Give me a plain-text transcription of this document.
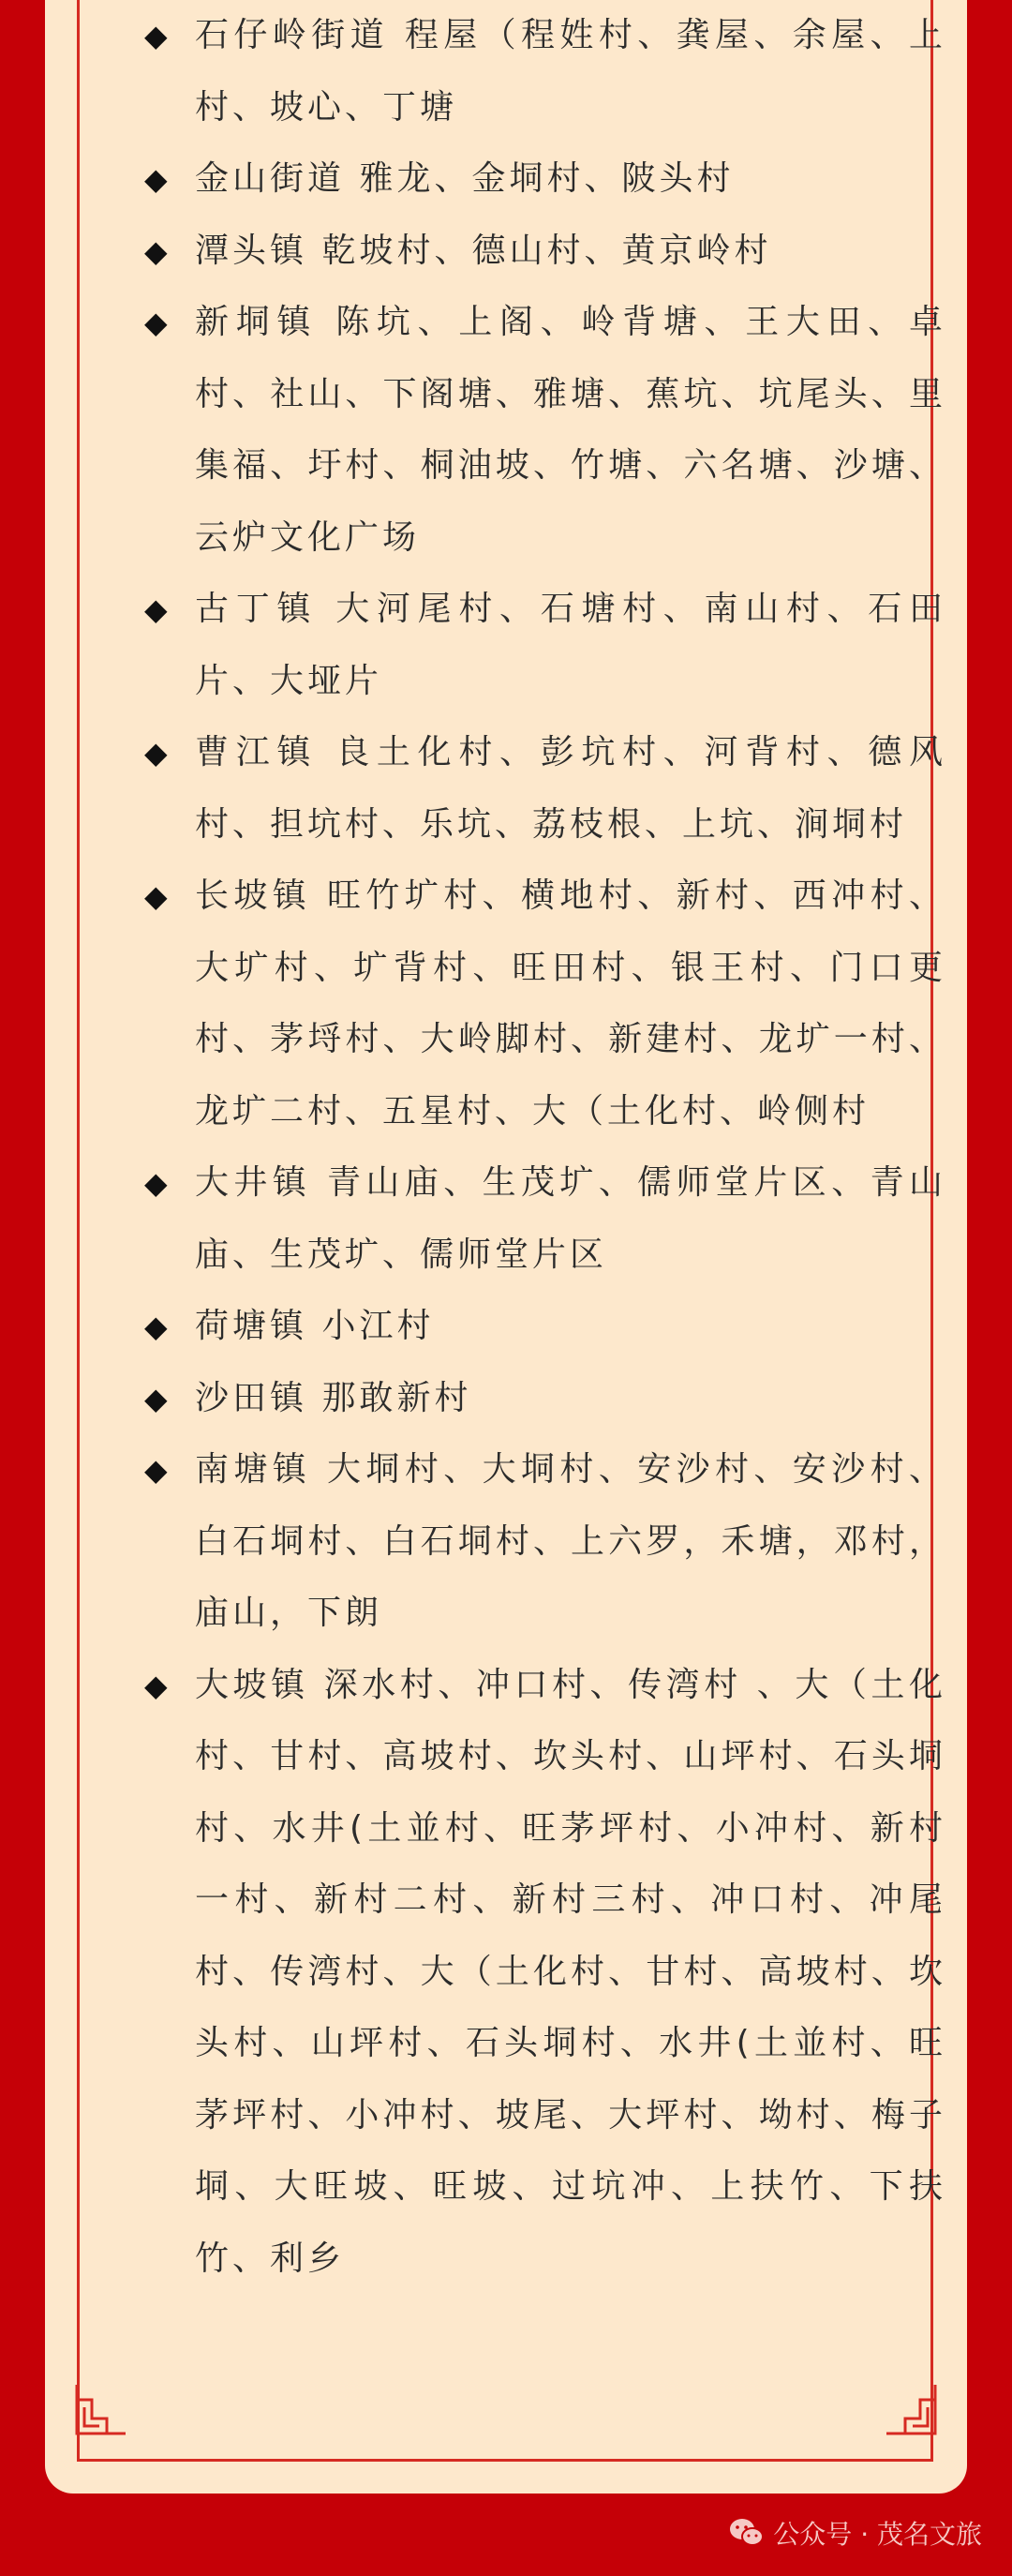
◆ 石仔岭街道 程屋（程姓村、龚屋、余屋、上村、坡心、丁塘
◆ 金山街道 雅龙、金垌村、陂头村
◆ 潭头镇 乾坡村、德山村、黄京岭村
◆ 新垌镇 陈坑、上阁、岭背塘、王大田、卓村、社山、下阁塘、雅塘、蕉坑、坑尾头、里集福、圩村、桐油坡、竹塘、六名塘、沙塘、云炉文化广场
◆ 古丁镇 大河尾村、石塘村、南山村、石田片、大垭片
◆ 曹江镇 良土化村、彭坑村、河背村、德风村、担坑村、乐坑、荔枝根、上坑、涧垌村
◆ 长坡镇 旺竹圹村、横地村、新村、西冲村、大圹村、圹背村、旺田村、银王村、门口更村、茅埒村、大岭脚村、新建村、龙圹一村、龙圹二村、五星村、大（土化村、岭侧村
◆ 大井镇 青山庙、生茂圹、儒师堂片区、青山庙、生茂圹、儒师堂片区
◆ 荷塘镇 小江村
◆ 沙田镇 那敢新村
◆ 南塘镇 大垌村、大垌村、安沙村、安沙村、白石垌村、白石垌村、上六罗，禾塘，邓村，庙山，下朗
◆ 大坡镇 深水村、冲口村、传湾村 、大（土化村、甘村、高坡村、坎头村、山坪村、石头垌村、水井(土並村、旺茅坪村、小冲村、新村一村、新村二村、新村三村、冲口村、冲尾村、传湾村、大（土化村、甘村、高坡村、坎头村、山坪村、石头垌村、水井(土並村、旺茅坪村、小冲村、坡尾、大坪村、坳村、梅子垌、大旺坡、旺坡、过坑冲、上扶竹、下扶竹、利乡
公众号 · 茂名文旅
